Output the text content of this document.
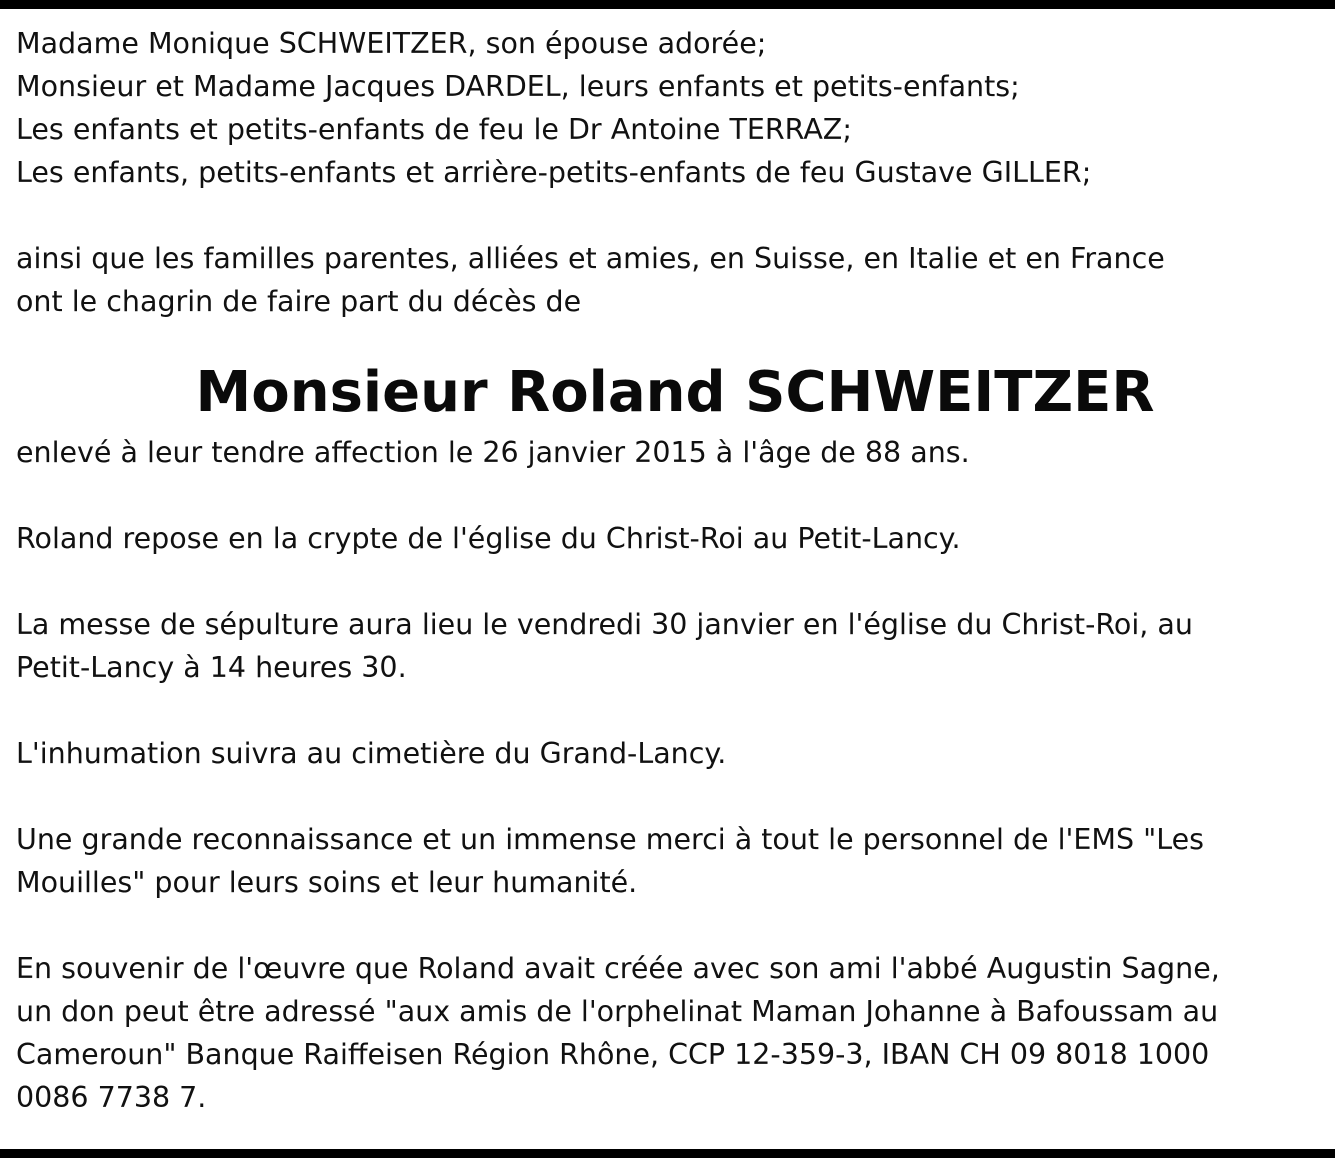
Madame Monique SCHWEITZER, son épouse adorée;
Monsieur et Madame Jacques DARDEL, leurs enfants et petits-enfants;
Les enfants et petits-enfants de feu le Dr Antoine TERRAZ;
Les enfants, petits-enfants et arrière-petits-enfants de feu Gustave GILLER;
ainsi que les familles parentes, alliées et amies, en Suisse, en Italie et en France
ont le chagrin de faire part du décès de
Monsieur Roland SCHWEITZER
enlevé à leur tendre affection le 26 janvier 2015 à l'âge de 88 ans.
Roland repose en la crypte de l'église du Christ-Roi au Petit-Lancy.
La messe de sépulture aura lieu le vendredi 30 janvier en l'église du Christ-Roi, au
Petit-Lancy à 14 heures 30.
L'inhumation suivra au cimetière du Grand-Lancy.
Une grande reconnaissance et un immense merci à tout le personnel de l'EMS "Les
Mouilles" pour leurs soins et leur humanité.
En souvenir de l'œuvre que Roland avait créée avec son ami l'abbé Augustin Sagne,
un don peut être adressé "aux amis de l'orphelinat Maman Johanne à Bafoussam au
Cameroun" Banque Raiffeisen Région Rhône, CCP 12-359-3, IBAN CH 09 8018 1000
0086 7738 7.
